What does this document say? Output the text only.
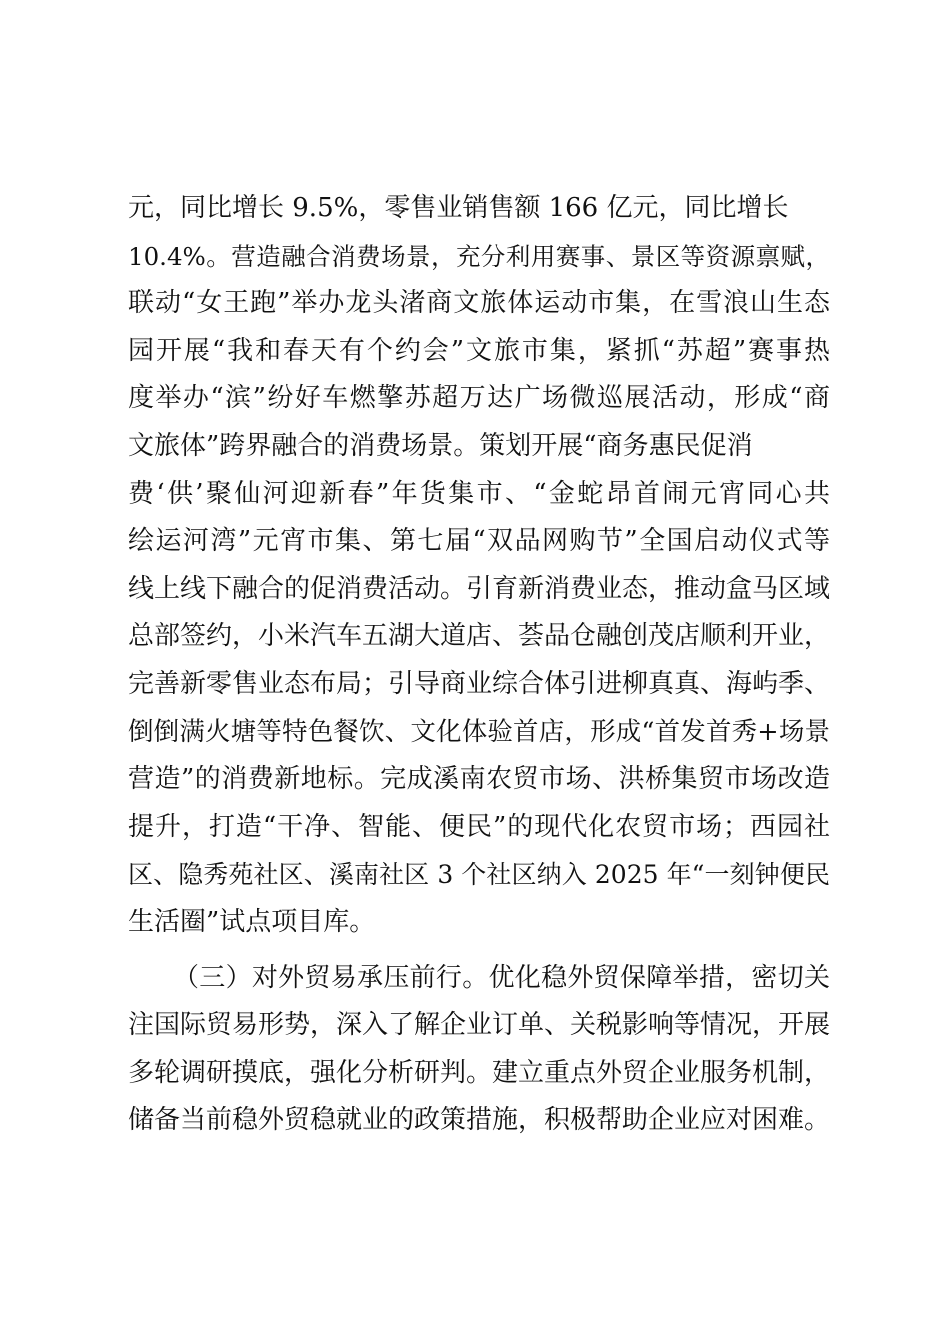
元，同比增长 9.5%，零售业销售额 166 亿元，同比增长
10.4%。营造融合消费场景，充分利用赛事、景区等资源禀赋，
联动“女王跑”举办龙头渚商文旅体运动市集，在雪浪山生态
园开展“我和春天有个约会”文旅市集，紧抓“苏超”赛事热
度举办“滨”纷好车燃擎苏超万达广场微巡展活动，形成“商
文旅体”跨界融合的消费场景。策划开展“商务惠民促消
费‘供’聚仙河迎新春”年货集市、“金蛇昂首闹元宵同心共
绘运河湾”元宵市集、第七届“双品网购节”全国启动仪式等
线上线下融合的促消费活动。引育新消费业态，推动盒马区域
总部签约，小米汽车五湖大道店、荟品仓融创茂店顺利开业，
完善新零售业态布局；引导商业综合体引进柳真真、海屿季、
倒倒满火塘等特色餐饮、文化体验首店，形成“首发首秀+场景
营造”的消费新地标。完成溪南农贸市场、洪桥集贸市场改造
提升，打造“干净、智能、便民”的现代化农贸市场；西园社
区、隐秀苑社区、溪南社区 3 个社区纳入 2025 年“一刻钟便民
生活圈”试点项目库。
（三）对外贸易承压前行。优化稳外贸保障举措，密切关
注国际贸易形势，深入了解企业订单、关税影响等情况，开展
多轮调研摸底，强化分析研判。建立重点外贸企业服务机制，
储备当前稳外贸稳就业的政策措施，积极帮助企业应对困难。
